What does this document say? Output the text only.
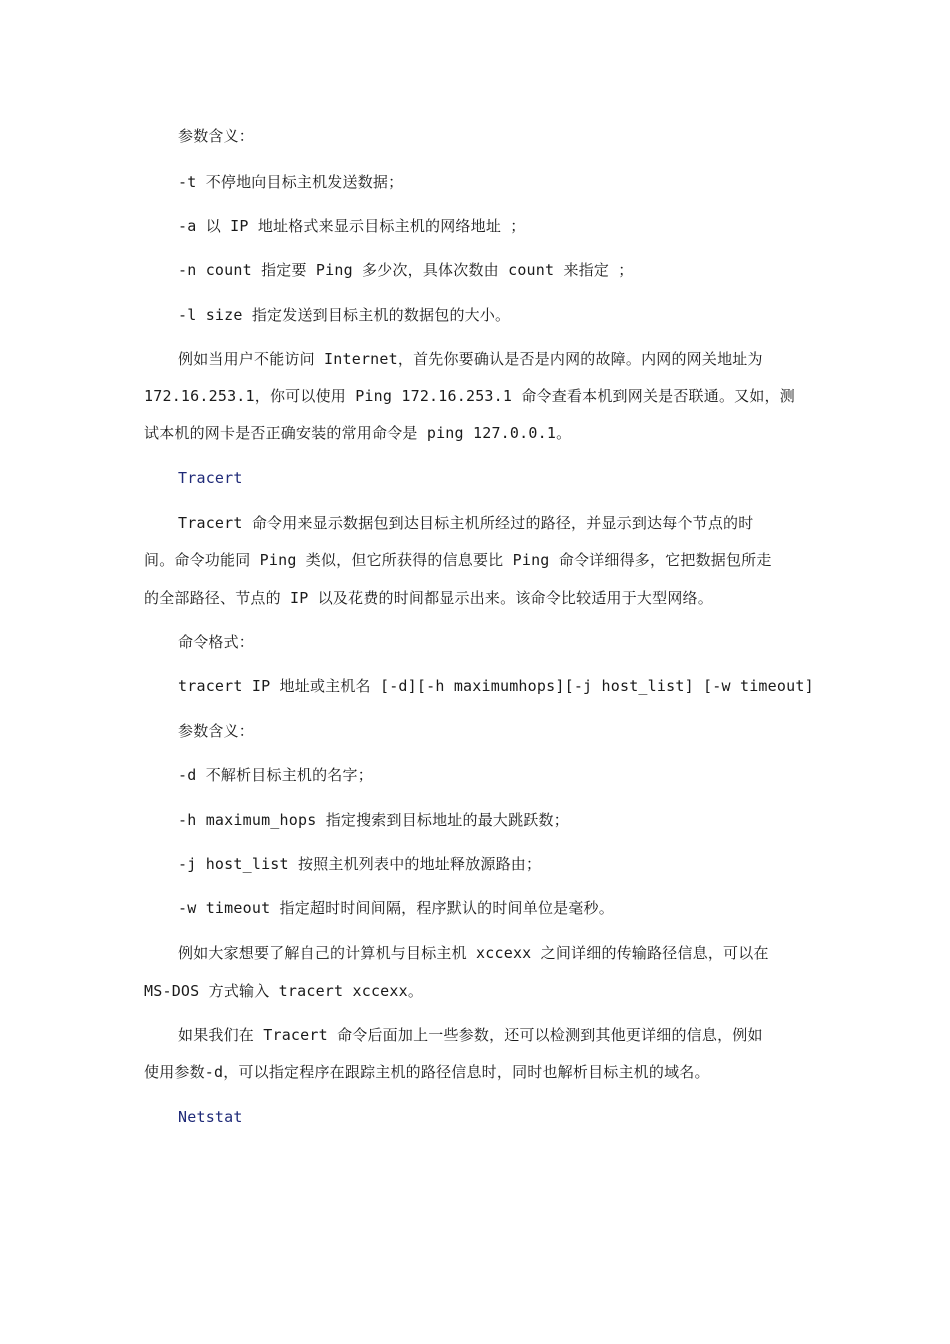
参数含义：
-t 不停地向目标主机发送数据；
-a 以 IP 地址格式来显示目标主机的网络地址 ；
-n count 指定要 Ping 多少次，具体次数由 count 来指定 ；
-l size 指定发送到目标主机的数据包的大小。
例如当用户不能访问 Internet，首先你要确认是否是内网的故障。内网的网关地址为
172.16.253.1，你可以使用 Ping 172.16.253.1 命令查看本机到网关是否联通。又如，测
试本机的网卡是否正确安装的常用命令是 ping 127.0.0.1。
Tracert
Tracert 命令用来显示数据包到达目标主机所经过的路径，并显示到达每个节点的时
间。命令功能同 Ping 类似，但它所获得的信息要比 Ping 命令详细得多，它把数据包所走
的全部路径、节点的 IP 以及花费的时间都显示出来。该命令比较适用于大型网络。
命令格式：
tracert IP 地址或主机名 [-d][-h maximumhops][-j host_list] [-w timeout]
参数含义：
-d 不解析目标主机的名字；
-h maximum_hops 指定搜索到目标地址的最大跳跃数；
-j host_list 按照主机列表中的地址释放源路由；
-w timeout 指定超时时间间隔，程序默认的时间单位是毫秒。
例如大家想要了解自己的计算机与目标主机 xccexx 之间详细的传输路径信息，可以在
MS-DOS 方式输入 tracert xccexx。
如果我们在 Tracert 命令后面加上一些参数，还可以检测到其他更详细的信息，例如
使用参数-d，可以指定程序在跟踪主机的路径信息时，同时也解析目标主机的域名。
Netstat
